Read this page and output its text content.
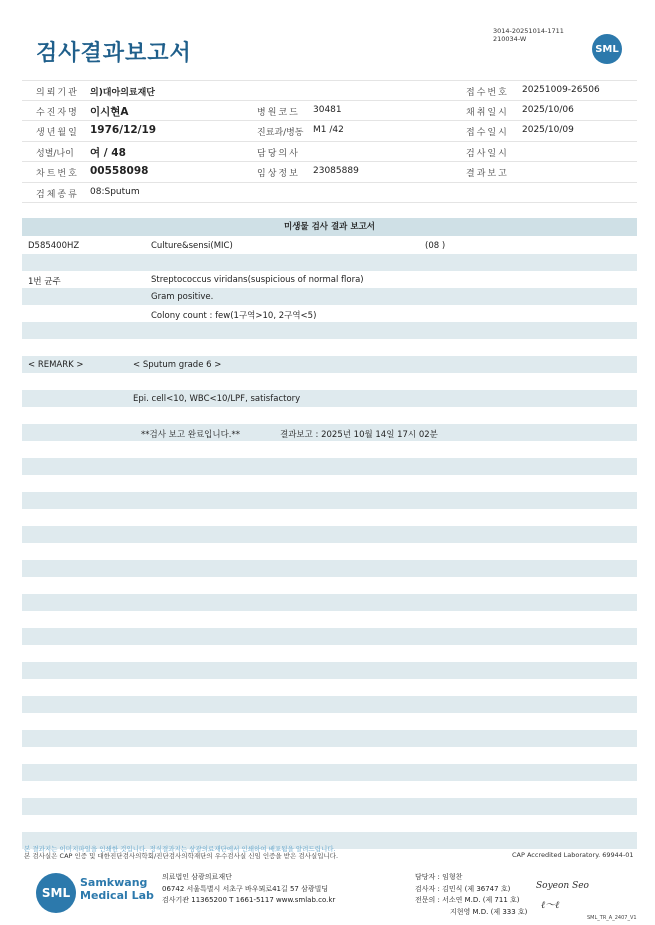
검사결과보고서
3014-20251014-1711
210034-W
SML
의뢰기관 의)대아의료재단	접수번호 20251009-26506
수진자명 이시현A	병원코드 30481	채취일시 2025/10/06
생년월일 1976/12/19	진료과/병동 M1 /42	접수일시 2025/10/09
성별/나이 여 / 48	담당의사	검사일시
차트번호 00558098	임상정보 23085889	결과보고
검체종류 08:Sputum
미생물 검사 결과 보고서
D585400HZ	Culture&sensi(MIC)	(08 )
1번 균주	Streptococcus viridans(suspicious of normal flora)
Gram positive.
Colony count : few(1구역>10, 2구역<5)
< REMARK >	< Sputum grade 6 >
Epi. cell<10, WBC<10/LPF, satisfactory
**검사 보고 완료입니다.**	결과보고 : 2025년 10월 14일 17시 02분
본 결과지는 이미지파일을 인쇄한 것입니다. 정식결과지는 삼광의료재단에서 인쇄하여 배포됨을 알려드립니다.
본 검사실은 CAP 인증 및 대한진단검사의학회/진단검사의학재단의 우수검사실 신임 인증을 받은 검사실입니다.	CAP Accredited Laboratory. 69944-01
SML
Samkwang
Medical Lab
의료법인 삼광의료재단
06742 서울특별시 서초구 바우뫼로41길 57 삼광빌딩
검사기관 11365200 T 1661-5117 www.smlab.co.kr
담당자 : 임형찬
검사자 : 김민식 (제 36747 호)
전문의 : 서소연 M.D. (제 711 호)
지현영 M.D. (제 333 호)
Soyeon Seo
ℓ～ℓ
SML_TR_A_2407_V1
